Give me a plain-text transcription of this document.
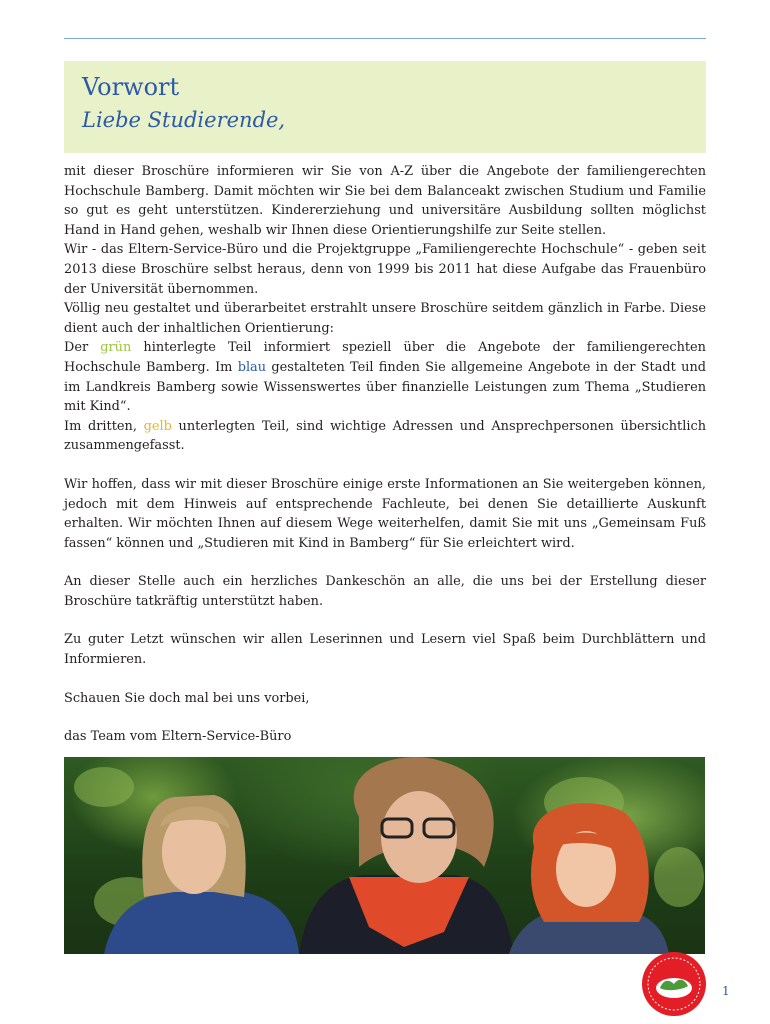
Vorwort
Liebe Studierende,

mit dieser Broschüre informieren wir Sie von A-Z über die Angebote der familiengerechten Hochschule Bamberg. Damit möchten wir Sie bei dem Balanceakt zwischen Studium und Familie so gut es geht unterstützen. Kindererziehung und universitäre Ausbildung sollten möglichst Hand in Hand gehen, weshalb wir Ihnen diese Orientierungshilfe zur Seite stellen.

Wir - das Eltern-Service-Büro und die Projektgruppe „Familiengerechte Hochschule“ - geben seit 2013 diese Broschüre selbst heraus, denn von 1999 bis 2011 hat diese Aufgabe das Frauenbüro der Universität übernommen.

Völlig neu gestaltet und überarbeitet erstrahlt unsere Broschüre seitdem gänzlich in Farbe. Diese dient auch der inhaltlichen Orientierung:

Der grün hinterlegte Teil informiert speziell über die Angebote der familiengerechten Hochschule Bamberg. Im blau gestalteten Teil finden Sie allgemeine Angebote in der Stadt und im Landkreis Bamberg sowie Wissenswertes über finanzielle Leistungen zum Thema „Studieren mit Kind“.

Im dritten, gelb unterlegten Teil, sind wichtige Adressen und Ansprechpersonen übersichtlich zusammengefasst.

Wir hoffen, dass wir mit dieser Broschüre einige erste Informationen an Sie weitergeben können, jedoch mit dem Hinweis auf entsprechende Fachleute, bei denen Sie detaillierte Auskunft erhalten. Wir möchten Ihnen auf diesem Wege weiterhelfen, damit Sie mit uns „Gemeinsam Fuß fassen“ können und „Studieren mit Kind in Bamberg“ für Sie erleichtert wird.

An dieser Stelle auch ein herzliches Dankeschön an alle, die uns bei der Erstellung dieser Broschüre tatkräftig unterstützt haben.

Zu guter Letzt wünschen wir allen Leserinnen und Lesern viel Spaß beim Durchblättern und Informieren.

Schauen Sie doch mal bei uns vorbei,

das Team vom Eltern-Service-Büro

1
